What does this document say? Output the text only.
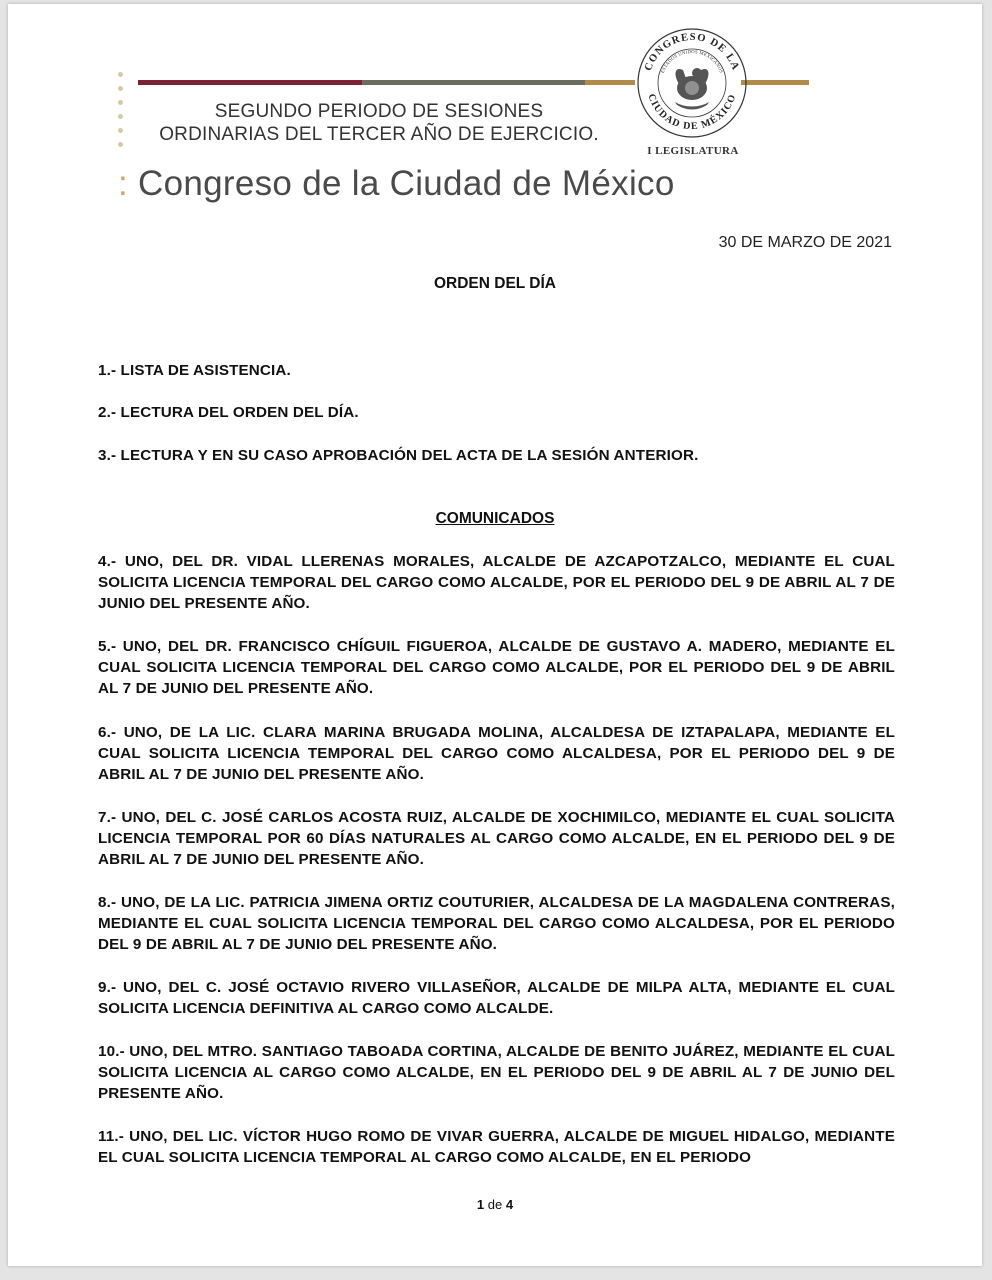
SEGUNDO PERIODO DE SESIONES
ORDINARIAS DEL TERCER AÑO DE EJERCICIO.
: Congreso de la Ciudad de México
CONGRESO DE LA
CIUDAD DE MÉXICO
ESTADOS UNIDOS MEXICANOS
I LEGISLATURA
30 DE MARZO DE 2021
ORDEN DEL DÍA
1.- LISTA DE ASISTENCIA.
2.- LECTURA DEL ORDEN DEL DÍA.
3.- LECTURA Y EN SU CASO APROBACIÓN DEL ACTA DE LA SESIÓN ANTERIOR.
COMUNICADOS
4.- UNO, DEL DR. VIDAL LLERENAS MORALES, ALCALDE DE AZCAPOTZALCO, MEDIANTE EL CUAL SOLICITA LICENCIA TEMPORAL DEL CARGO COMO ALCALDE, POR EL PERIODO DEL 9 DE ABRIL AL 7 DE JUNIO DEL PRESENTE AÑO.
5.- UNO, DEL DR. FRANCISCO CHÍGUIL FIGUEROA, ALCALDE DE GUSTAVO A. MADERO, MEDIANTE EL CUAL SOLICITA LICENCIA TEMPORAL DEL CARGO COMO ALCALDE, POR EL PERIODO DEL 9 DE ABRIL AL 7 DE JUNIO DEL PRESENTE AÑO.
6.- UNO, DE LA LIC. CLARA MARINA BRUGADA MOLINA, ALCALDESA DE IZTAPALAPA, MEDIANTE EL CUAL SOLICITA LICENCIA TEMPORAL DEL CARGO COMO ALCALDESA, POR EL PERIODO DEL 9 DE ABRIL AL 7 DE JUNIO DEL PRESENTE AÑO.
7.- UNO, DEL C. JOSÉ CARLOS ACOSTA RUIZ, ALCALDE DE XOCHIMILCO, MEDIANTE EL CUAL SOLICITA LICENCIA TEMPORAL POR 60 DÍAS NATURALES AL CARGO COMO ALCALDE, EN EL PERIODO DEL 9 DE ABRIL AL 7 DE JUNIO DEL PRESENTE AÑO.
8.- UNO, DE LA LIC. PATRICIA JIMENA ORTIZ COUTURIER, ALCALDESA DE LA MAGDALENA CONTRERAS, MEDIANTE EL CUAL SOLICITA LICENCIA TEMPORAL DEL CARGO COMO ALCALDESA, POR EL PERIODO DEL 9 DE ABRIL AL 7 DE JUNIO DEL PRESENTE AÑO.
9.- UNO, DEL C. JOSÉ OCTAVIO RIVERO VILLASEÑOR, ALCALDE DE MILPA ALTA, MEDIANTE EL CUAL SOLICITA LICENCIA DEFINITIVA AL CARGO COMO ALCALDE.
10.- UNO, DEL MTRO. SANTIAGO TABOADA CORTINA, ALCALDE DE BENITO JUÁREZ, MEDIANTE EL CUAL SOLICITA LICENCIA AL CARGO COMO ALCALDE, EN EL PERIODO DEL 9 DE ABRIL AL 7 DE JUNIO DEL PRESENTE AÑO.
11.- UNO, DEL LIC. VÍCTOR HUGO ROMO DE VIVAR GUERRA, ALCALDE DE MIGUEL HIDALGO, MEDIANTE EL CUAL SOLICITA LICENCIA TEMPORAL AL CARGO COMO ALCALDE, EN EL PERIODO
1 de 4
